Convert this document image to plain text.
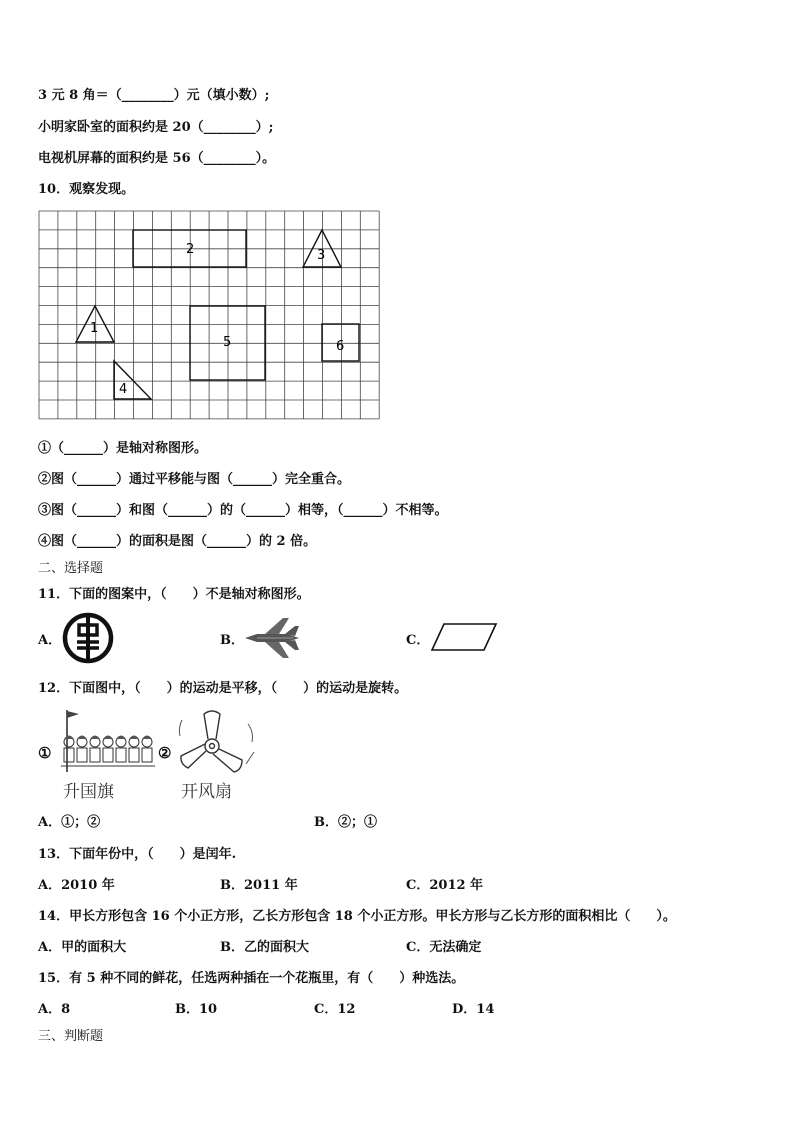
3 元 8 角＝（________）元（填小数）;
小明家卧室的面积约是 20（________）;
电视机屏幕的面积约是 56（________）。
10．观察发现。
1
2	3
4
5	6
①（______）是轴对称图形。
②图（______）通过平移能与图（______）完全重合。
③图（______）和图（______）的（______）相等，（______）不相等。
④图（______）的面积是图（______）的 2 倍。
二、选择题
11．下面的图案中，（　　）不是轴对称图形。
A．	B．	C．
12．下面图中，（　　）的运动是平移，（　　）的运动是旋转。
①
升国旗
②
开风扇
A．①；②	B．②；①
13．下面年份中，（　　）是闰年.
A．2010 年	B．2011 年	C．2012 年
14．甲长方形包含 16 个小正方形，乙长方形包含 18 个小正方形。甲长方形与乙长方形的面积相比（　　）。
A．甲的面积大	B．乙的面积大	C．无法确定
15．有 5 种不同的鲜花，任选两种插在一个花瓶里，有（　　）种选法。
A．8	B．10	C．12	D．14
三、判断题
